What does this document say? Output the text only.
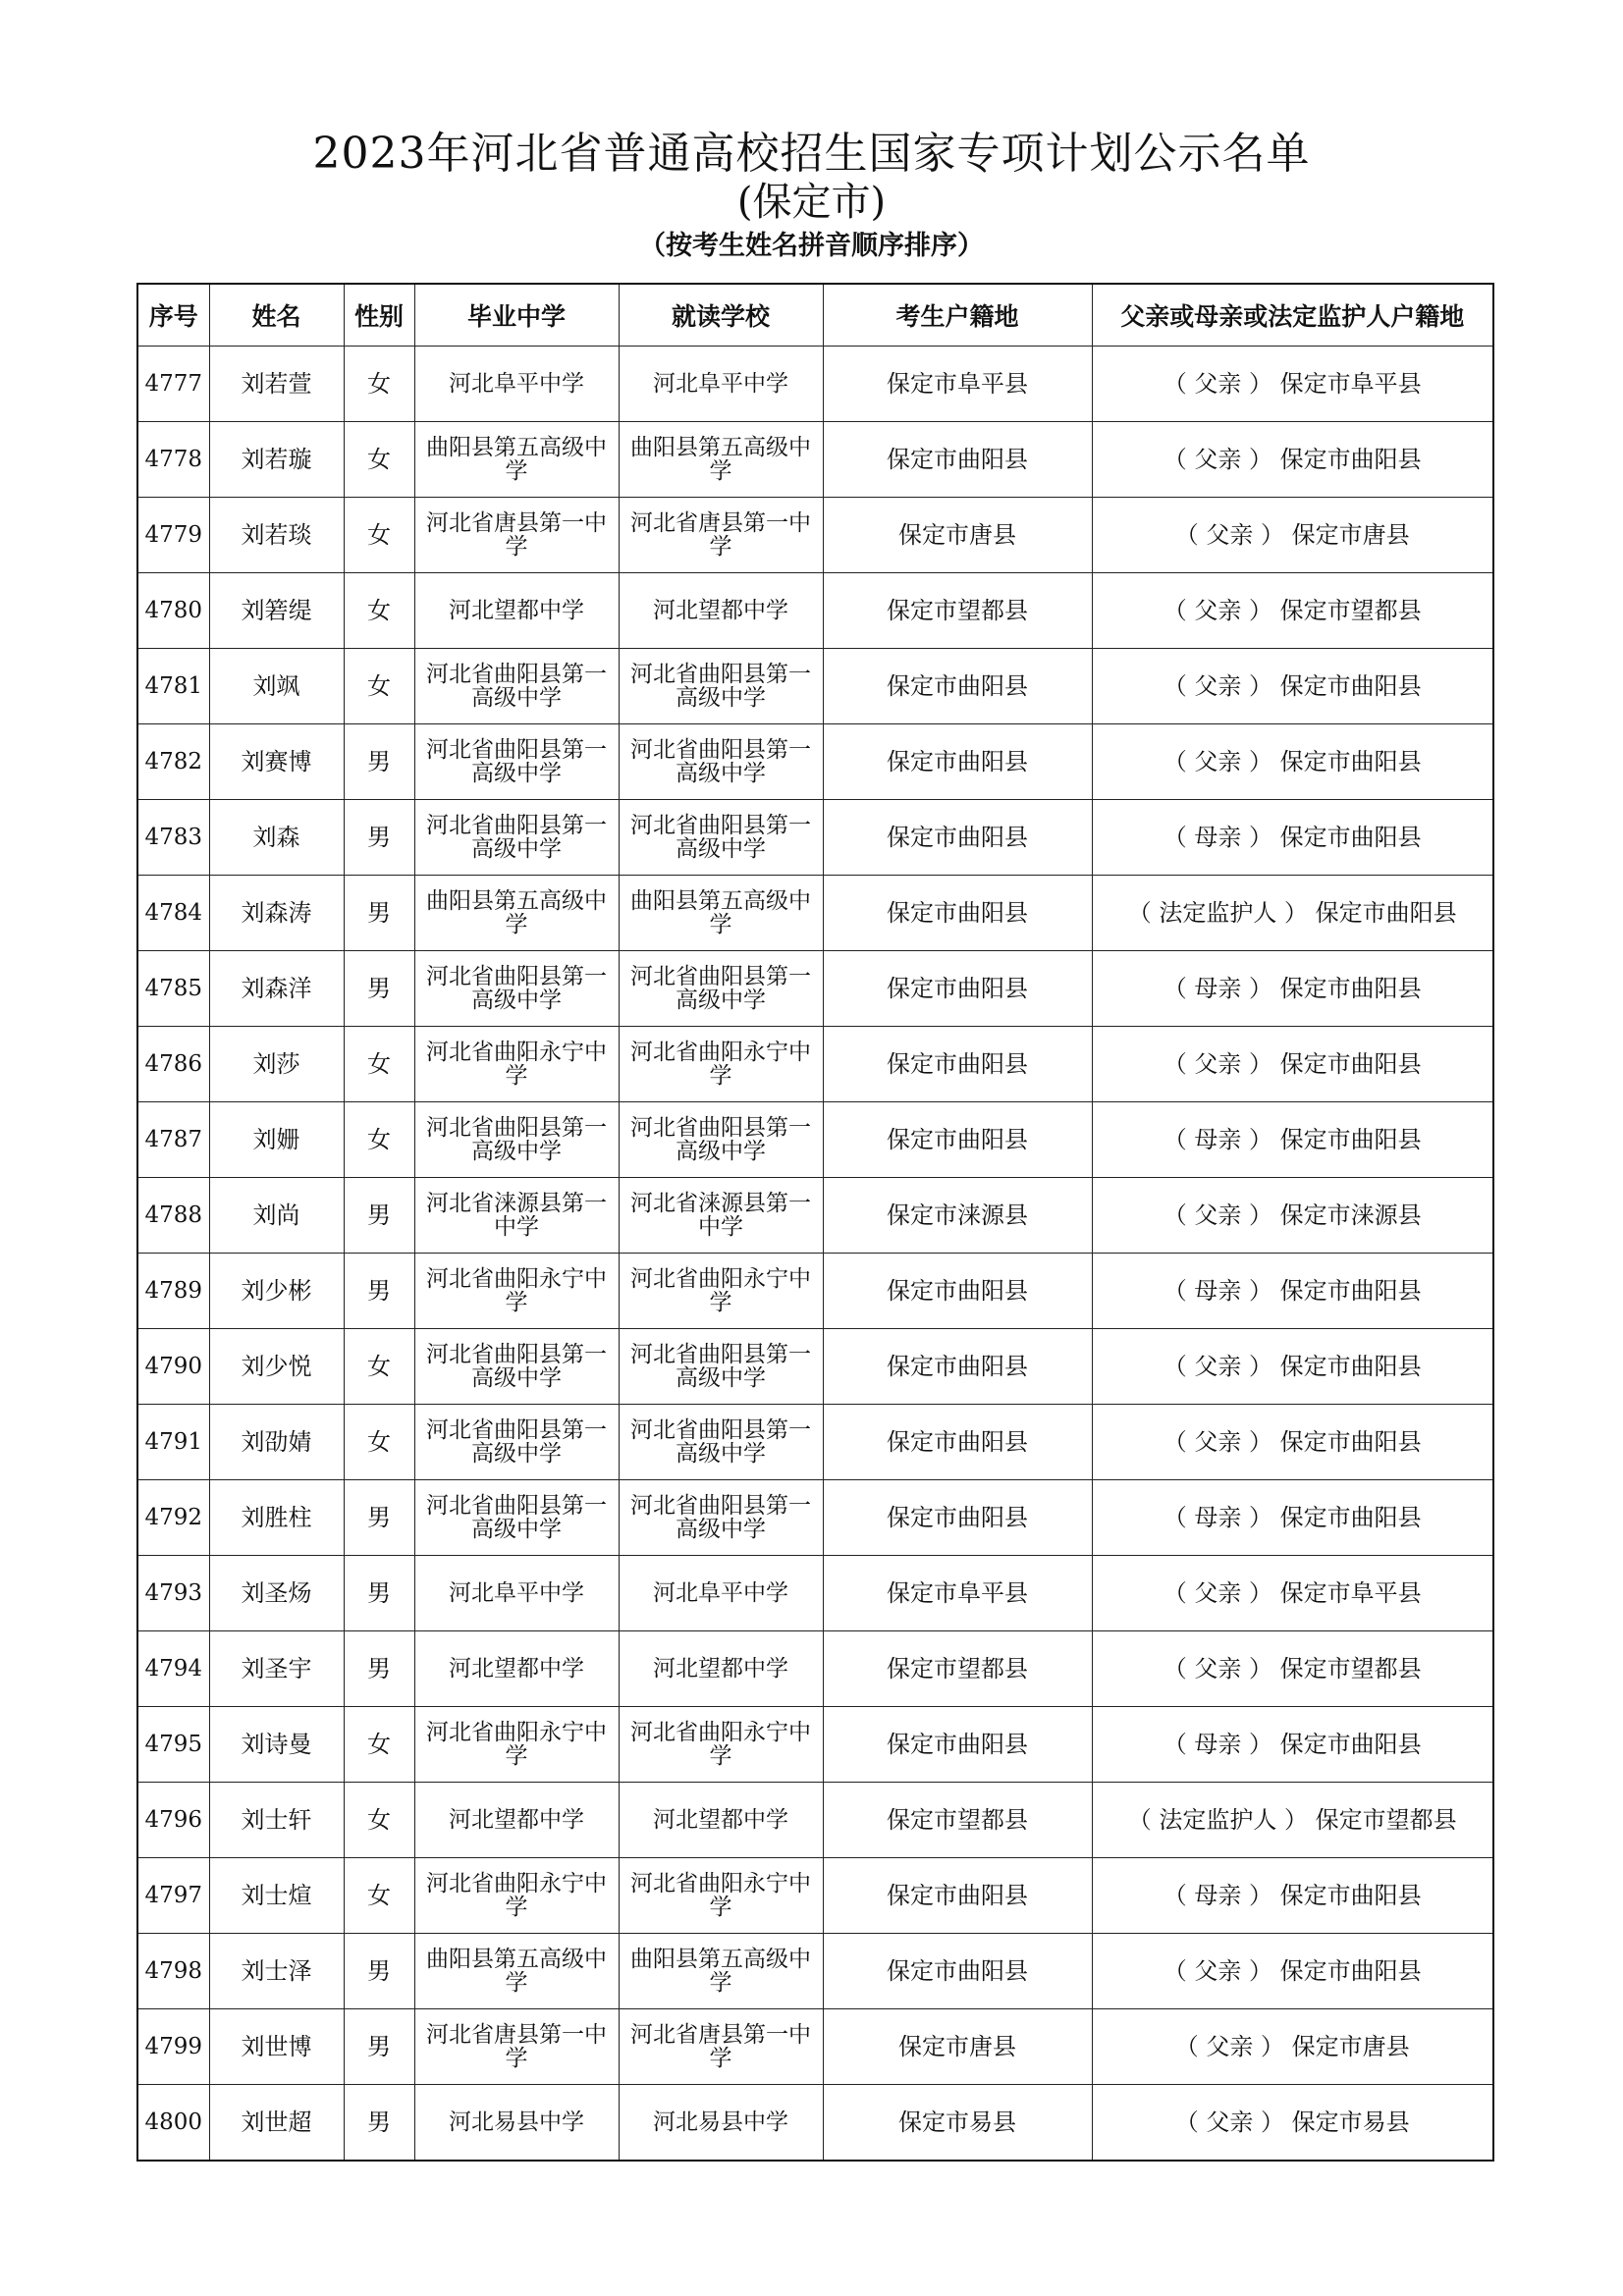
2023年河北省普通高校招生国家专项计划公示名单
(保定市)
（按考生姓名拼音顺序排序）
序号	姓名	性别	毕业中学	就读学校	考生户籍地	父亲或母亲或法定监护人户籍地
4777	刘若萱	女	河北阜平中学	河北阜平中学	保定市阜平县	（ 父亲 ） 保定市阜平县
4778	刘若璇	女	曲阳县第五高级中学	曲阳县第五高级中学	保定市曲阳县	（ 父亲 ） 保定市曲阳县
4779	刘若琰	女	河北省唐县第一中学	河北省唐县第一中学	保定市唐县	（ 父亲 ） 保定市唐县
4780	刘箬缇	女	河北望都中学	河北望都中学	保定市望都县	（ 父亲 ） 保定市望都县
4781	刘飒	女	河北省曲阳县第一高级中学	河北省曲阳县第一高级中学	保定市曲阳县	（ 父亲 ） 保定市曲阳县
4782	刘赛博	男	河北省曲阳县第一高级中学	河北省曲阳县第一高级中学	保定市曲阳县	（ 父亲 ） 保定市曲阳县
4783	刘森	男	河北省曲阳县第一高级中学	河北省曲阳县第一高级中学	保定市曲阳县	（ 母亲 ） 保定市曲阳县
4784	刘森涛	男	曲阳县第五高级中学	曲阳县第五高级中学	保定市曲阳县	（ 法定监护人 ） 保定市曲阳县
4785	刘森洋	男	河北省曲阳县第一高级中学	河北省曲阳县第一高级中学	保定市曲阳县	（ 母亲 ） 保定市曲阳县
4786	刘莎	女	河北省曲阳永宁中学	河北省曲阳永宁中学	保定市曲阳县	（ 父亲 ） 保定市曲阳县
4787	刘姗	女	河北省曲阳县第一高级中学	河北省曲阳县第一高级中学	保定市曲阳县	（ 母亲 ） 保定市曲阳县
4788	刘尚	男	河北省涞源县第一中学	河北省涞源县第一中学	保定市涞源县	（ 父亲 ） 保定市涞源县
4789	刘少彬	男	河北省曲阳永宁中学	河北省曲阳永宁中学	保定市曲阳县	（ 母亲 ） 保定市曲阳县
4790	刘少悦	女	河北省曲阳县第一高级中学	河北省曲阳县第一高级中学	保定市曲阳县	（ 父亲 ） 保定市曲阳县
4791	刘劭婧	女	河北省曲阳县第一高级中学	河北省曲阳县第一高级中学	保定市曲阳县	（ 父亲 ） 保定市曲阳县
4792	刘胜柱	男	河北省曲阳县第一高级中学	河北省曲阳县第一高级中学	保定市曲阳县	（ 母亲 ） 保定市曲阳县
4793	刘圣炀	男	河北阜平中学	河北阜平中学	保定市阜平县	（ 父亲 ） 保定市阜平县
4794	刘圣宇	男	河北望都中学	河北望都中学	保定市望都县	（ 父亲 ） 保定市望都县
4795	刘诗曼	女	河北省曲阳永宁中学	河北省曲阳永宁中学	保定市曲阳县	（ 母亲 ） 保定市曲阳县
4796	刘士轩	女	河北望都中学	河北望都中学	保定市望都县	（ 法定监护人 ） 保定市望都县
4797	刘士煊	女	河北省曲阳永宁中学	河北省曲阳永宁中学	保定市曲阳县	（ 母亲 ） 保定市曲阳县
4798	刘士泽	男	曲阳县第五高级中学	曲阳县第五高级中学	保定市曲阳县	（ 父亲 ） 保定市曲阳县
4799	刘世博	男	河北省唐县第一中学	河北省唐县第一中学	保定市唐县	（ 父亲 ） 保定市唐县
4800	刘世超	男	河北易县中学	河北易县中学	保定市易县	（ 父亲 ） 保定市易县
